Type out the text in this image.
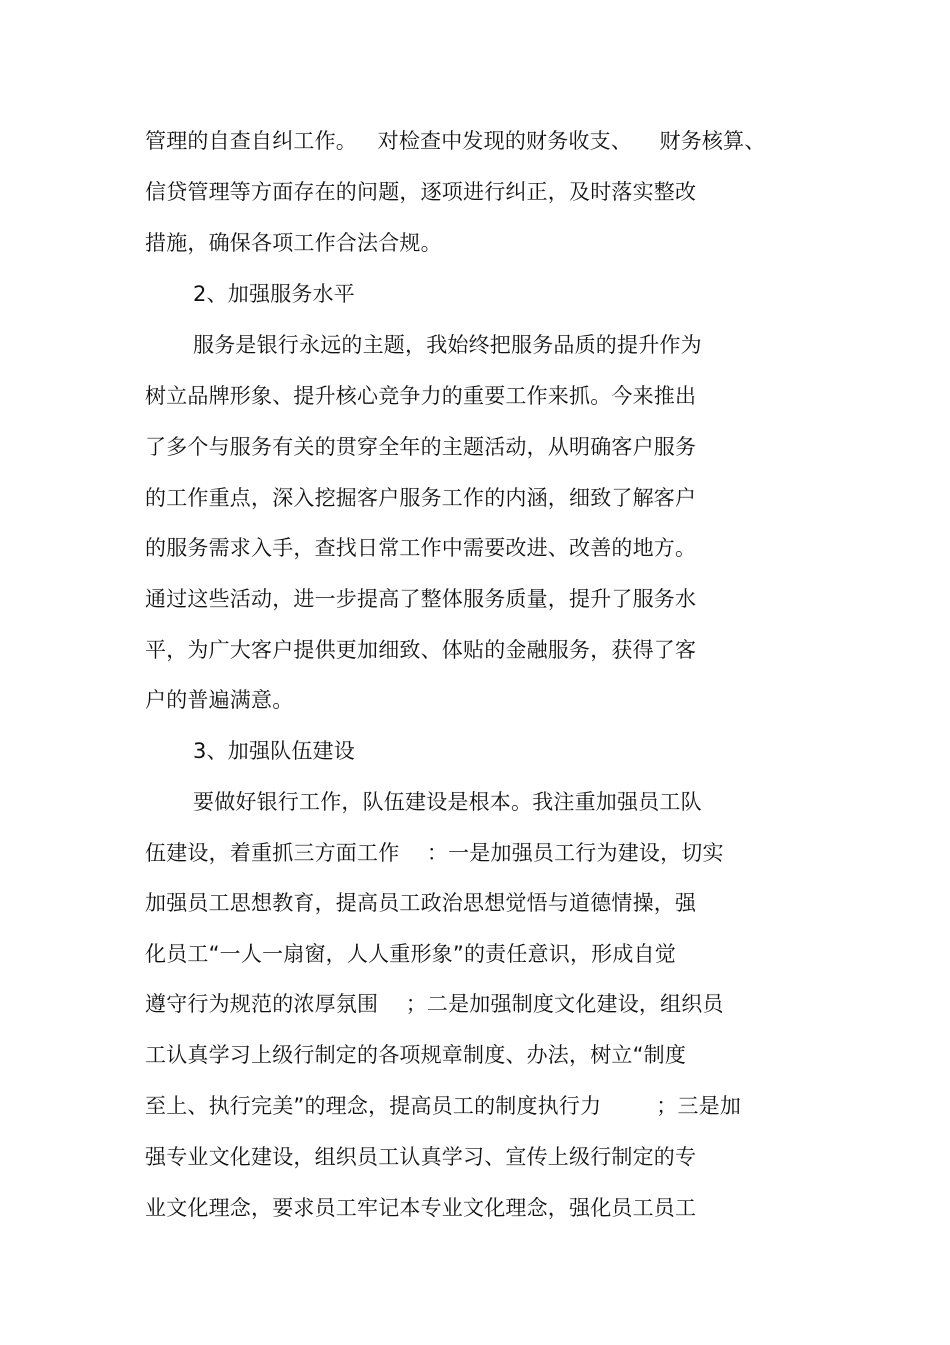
管理的自查自纠工作。   对检查中发现的财务收支、    财务核算、
信贷管理等方面存在的问题，逐项进行纠正，及时落实整改
措施，确保各项工作合法合规。
2、加强服务水平
服务是银行永远的主题，我始终把服务品质的提升作为
树立品牌形象、提升核心竞争力的重要工作来抓。今来推出
了多个与服务有关的贯穿全年的主题活动，从明确客户服务
的工作重点，深入挖掘客户服务工作的内涵，细致了解客户
的服务需求入手，查找日常工作中需要改进、改善的地方。
通过这些活动，进一步提高了整体服务质量，提升了服务水
平，为广大客户提供更加细致、体贴的金融服务，获得了客
户的普遍满意。
3、加强队伍建设
要做好银行工作，队伍建设是根本。我注重加强员工队
伍建设，着重抓三方面工作    ：一是加强员工行为建设，切实
加强员工思想教育，提高员工政治思想觉悟与道德情操，强
化员工“一人一扇窗，人人重形象”的责任意识，形成自觉
遵守行为规范的浓厚氛围    ；二是加强制度文化建设，组织员
工认真学习上级行制定的各项规章制度、办法，树立“制度
至上、执行完美”的理念，提高员工的制度执行力        ；三是加
强专业文化建设，组织员工认真学习、宣传上级行制定的专
业文化理念，要求员工牢记本专业文化理念，强化员工员工
